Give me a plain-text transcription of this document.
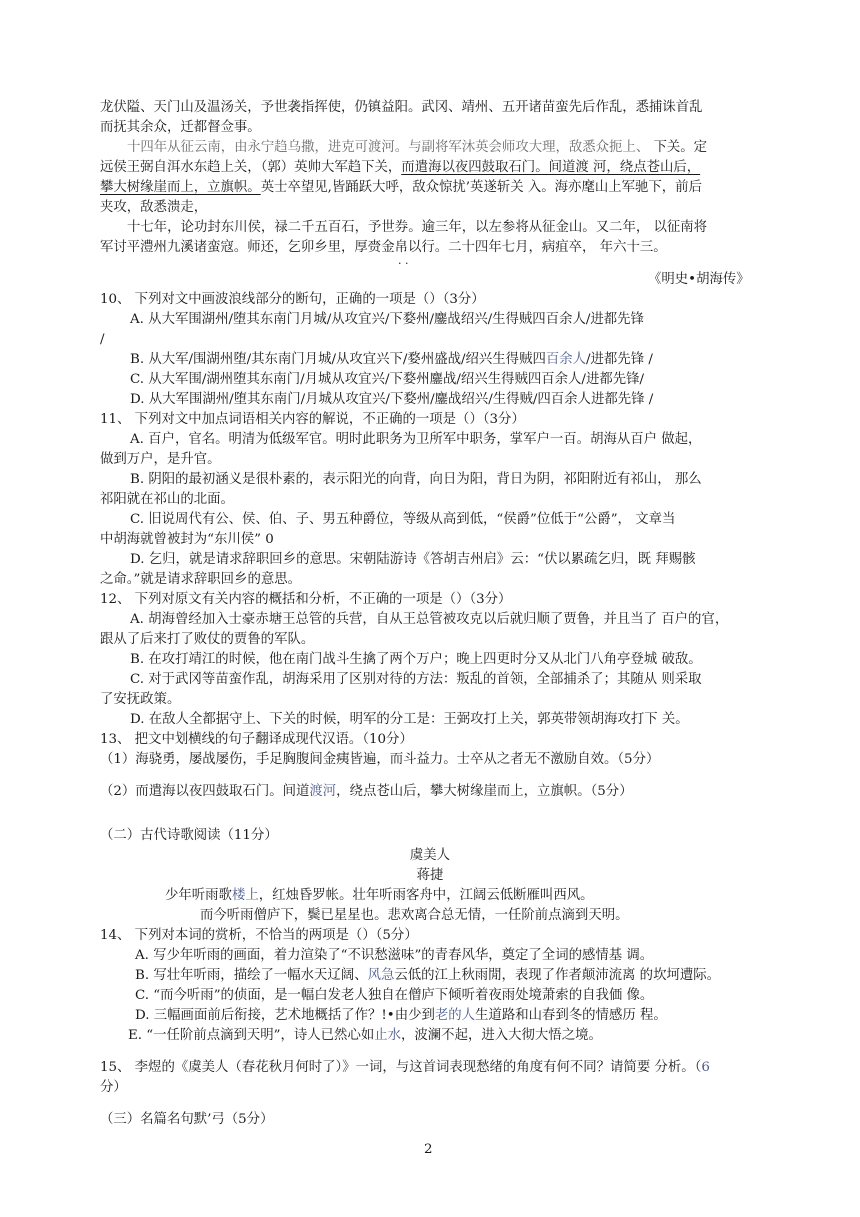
龙伏隘、天门山及温汤关，予世袭指挥使，仍镇益阳。武冈、靖州、五开诸苗蛮先后作乱，悉捕诛首乱
而抚其余众，迁都督佥事。
十四年从征云南，由永宁趋乌撒，进克可渡河。与副将军沐英会师攻大理，敌悉众扼上、 下关。定
远侯王弼自洱水东趋上关，（郭）英帅大军趋下关，而遣海以夜四鼓取石门。间道渡 河，绕点苍山后，
攀大树缘崖而上，立旗帜。英士卒望见,皆踊跃大呼，敌众惊扰’英遂斩关 入。海亦麾山上军驰下，前后
夹攻，敌悉溃走，
十七年，论功封东川侯，禄二千五百石，予世券。逾三年，以左参将从征金山。又二年， 以征南将
军讨平澧州九溪诸蛮寇。师还，乞卯乡里，厚赍金帛以行。二十四年七月，病疽卒， 年六十三。
· ·
《明史•胡海传》
10、 下列对文中画波浪线部分的断句，正确的一项是（）（3分）
A. 从大军围湖州/堕其东南门月城/从攻宜兴/下婺州/鏖战绍兴/生得贼四百余人/进都先锋
/
B. 从大军/围湖州堕/其东南门月城/从攻宜兴下/婺州盛战/绍兴生得贼四百余人/进都先锋 /
C. 从大军围/湖州堕其东南门/月城从攻宜兴/下婺州鏖战/绍兴生得贼四百余人/进都先锋/
D. 从大军围湖州/堕其东南门/月城从攻宜兴/下婺州/鏖战绍兴/生得贼/四百余人进都先锋 /
11、 下列对文中加点词语相关内容的解说，不正确的一项是（）（3分）
A. 百户，官名。明清为低级军官。明时此职务为卫所军中职务，掌军户一百。胡海从百户 做起，
做到万户，是升官。
B. 阴阳的最初涵义是很朴素的，表示阳光的向背，向日为阳，背日为阴，祁阳附近有祁山， 那么
祁阳就在祁山的北面。
C. 旧说周代有公、侯、伯、子、男五种爵位，等级从高到低，“侯爵”位低于“公爵”， 文章当
中胡海就曾被封为“东川侯” 0
D. 乞归，就是请求辞职回乡的意思。宋朝陆游诗《答胡吉州启》云：“伏以累疏乞归，既 拜赐骸
之命。”就是请求辞职回乡的意思。
12、 下列对原文有关内容的概括和分析，不正确的一项是（）（3分）
A. 胡海曾经加入士豪赤塘王总管的兵营，自从王总管被攻克以后就归顺了贾鲁，并且当了 百户的官，
跟从了后来打了败仗的贾鲁的军队。
B. 在攻打靖江的时候，他在南门战斗生擒了两个万户；晚上四更时分又从北门八角亭登城 破敌。
C. 对于武冈等苗蛮作乱，胡海采用了区别对待的方法：叛乱的首领，全部捕杀了；其随从 则采取
了安抚政策。
D. 在敌人全都据守上、下关的时候，明军的分工是：王弼攻打上关，郭英带领胡海攻打下 关。
13、 把文中划横线的句子翻译成现代汉语。（10分）
（1）海骁勇，屡战屡伤，手足胸腹间金痍皆遍，而斗益力。士卒从之者无不激励自效。（5分）
（2）而遣海以夜四鼓取石门。间道渡河，绕点苍山后，攀大树缘崖而上，立旗帜。（5分）
（二）古代诗歌阅读（11分）
虞美人
蒋捷
少年听雨歌楼上，红烛昏罗帐。壮年听雨客舟中，江阔云低断雁叫西风。
而今听雨僧庐下，鬓已星星也。悲欢离合总无情，一任阶前点滴到天明。
14、 下列对本词的赏析，不恰当的两项是（）（5分）
A. 写少年听雨的画面，着力渲染了“不识愁滋味”的青春风华，奠定了全词的感情基 调。
B. 写壮年听雨，描绘了一幅水天辽阔、风急云低的江上秋雨閒，表现了作者颠沛流离 的坎坷遭际。
C. “而今听雨”的侦面，是一幅白发老人独自在僧庐下倾听着夜雨处境萧索的自我価 像。
D. 三幅画面前后衔接，艺术地概括了作？!•由少到老的人生道路和山春到冬的情感历 程。
E. “一任阶前点滴到天明”，诗人已然心如止水，波澜不起，进入大彻大悟之境。
15、 李煜的《虞美人（春花秋月何时了）》一词，与这首词表现愁绪的角度有何不同？请简要 分析。（6
分）
（三）名篇名句默’弓（5分）
2
